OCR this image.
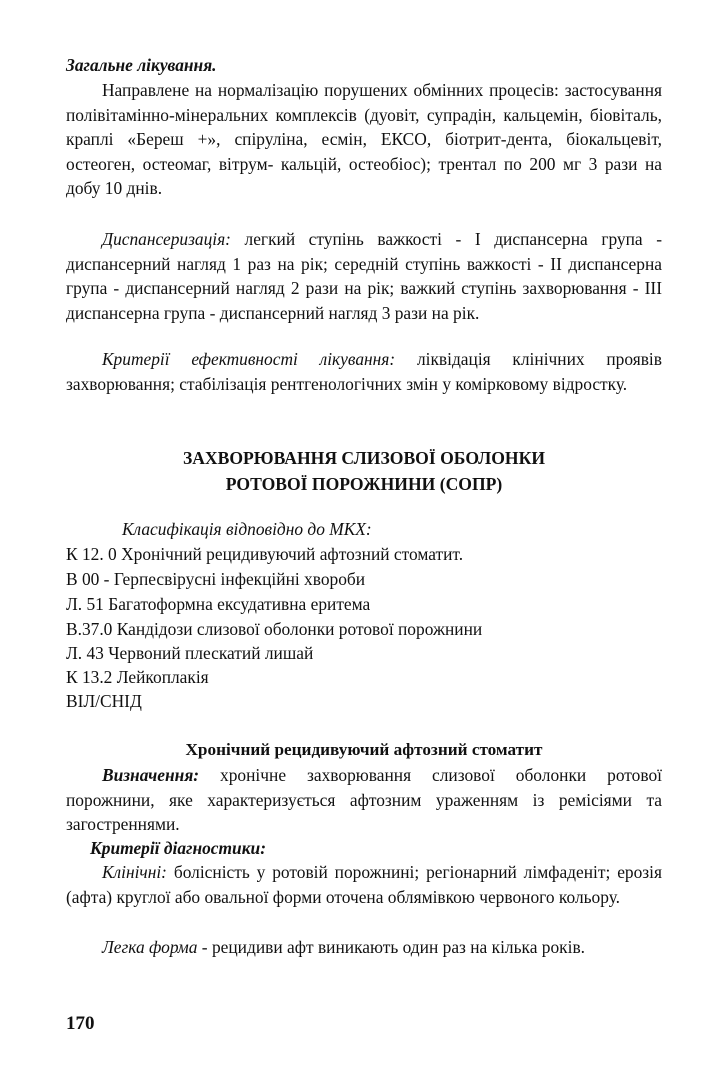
Загальне лікування.
Направлене на нормалізацію порушених обмінних процесів: застосування полівітамінно-мінеральних комплексів (дуовіт, супрадін, кальцемін, біовіталь, краплі «Береш +», спіруліна, есмін, ЕКСО, біотрит-дента, біокальцевіт, остеоген, остеомаг, вітрум- кальцій, остеобіос); трентал по 200 мг 3 рази на добу 10 днів.
Диспансеризація: легкий ступінь важкості - I диспансерна група - диспансерний нагляд 1 раз на рік; середній ступінь важкості - II диспансерна група - диспансерний нагляд 2 рази на рік; важкий ступінь захворювання - III диспансерна група - диспансерний нагляд 3 рази на рік.
Критерії ефективності лікування: ліквідація клінічних проявів захворювання; стабілізація рентгенологічних змін у комірковому відростку.
ЗАХВОРЮВАННЯ СЛИЗОВОЇ ОБОЛОНКИ
РОТОВОЇ ПОРОЖНИНИ (СОПР)
Класифікація відповідно до МКХ:
К 12. 0 Хронічний рецидивуючий афтозний стоматит.
В 00 - Герпесвірусні інфекційні хвороби
Л. 51 Багатоформна ексудативна еритема
В.37.0 Кандідози слизової оболонки ротової порожнини
Л. 43 Червоний плескатий лишай
К 13.2 Лейкоплакія
ВІЛ/СНІД
Хронічний рецидивуючий афтозний стоматит
Визначення: хронічне захворювання слизової оболонки ротової порожнини, яке характеризується афтозним ураженням із ремісіями та загостреннями.
Критерії діагностики:
Клінічні: болісність у ротовій порожнині; регіонарний лімфаденіт; ерозія (афта) круглої або овальної форми оточена облямівкою червоного кольору.
Легка форма - рецидиви афт виникають один раз на кілька років.
170
